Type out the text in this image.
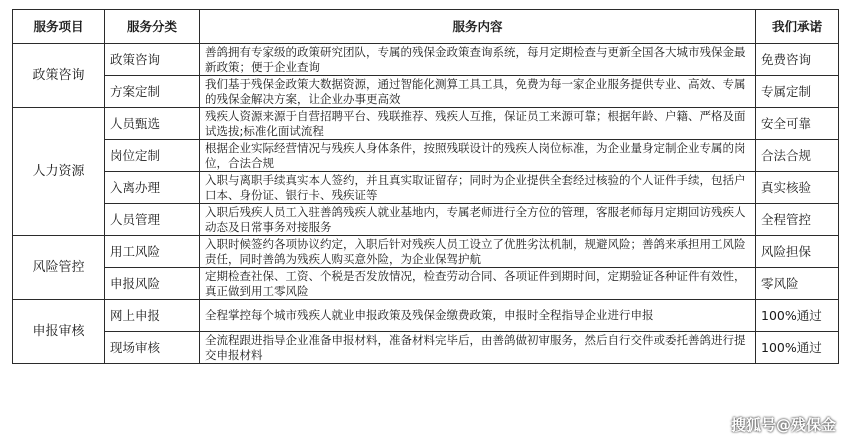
服务项目	服务分类	服务内容	我们承诺
政策咨询	政策咨询	善鸽拥有专家级的政策研究团队，专属的残保金政策查询系统，每月定期检查与更新全国各大城市残保金最新政策；便于企业查询	免费咨询
	方案定制	我们基于残保金政策大数据资源，通过智能化测算工具工具，免费为每一家企业服务提供专业、高效、专属的残保金解决方案，让企业办事更高效	专属定制
人力资源	人员甄选	残疾人资源来源于自营招聘平台、残联推荐、残疾人互推，保证员工来源可靠；根据年龄、户籍、严格及面试选拔;标准化面试流程	安全可靠
	岗位定制	根据企业实际经营情况与残疾人身体条件，按照残联设计的残疾人岗位标准，为企业量身定制企业专属的岗位，合法合规	合法合规
	入离办理	入职与离职手续真实本人签约，并且真实取证留存；同时为企业提供全套经过核验的个人证件手续，包括户口本、身份证、银行卡、残疾证等	真实核验
	人员管理	入职后残疾人员工入驻善鸽残疾人就业基地内，专属老师进行全方位的管理，客服老师每月定期回访残疾人动态及日常事务对接服务	全程管控
风险管控	用工风险	入职时候签约各项协议约定，入职后针对残疾人员工设立了优胜劣汰机制，规避风险；善鸽来承担用工风险责任，同时善鸽为残疾人购买意外险，为企业保驾护航	风险担保
	申报风险	定期检查社保、工资、个税是否发放情况，检查劳动合同、各项证件到期时间，定期验证各种证件有效性，真正做到用工零风险	零风险
申报审核	网上申报	全程掌控每个城市残疾人就业申报政策及残保金缴费政策，申报时全程指导企业进行申报	100%通过
	现场审核	全流程跟进指导企业准备申报材料，准备材料完毕后，由善鸽做初审服务，然后自行交件或委托善鸽进行提交申报材料	100%通过
搜狐号@残保金
